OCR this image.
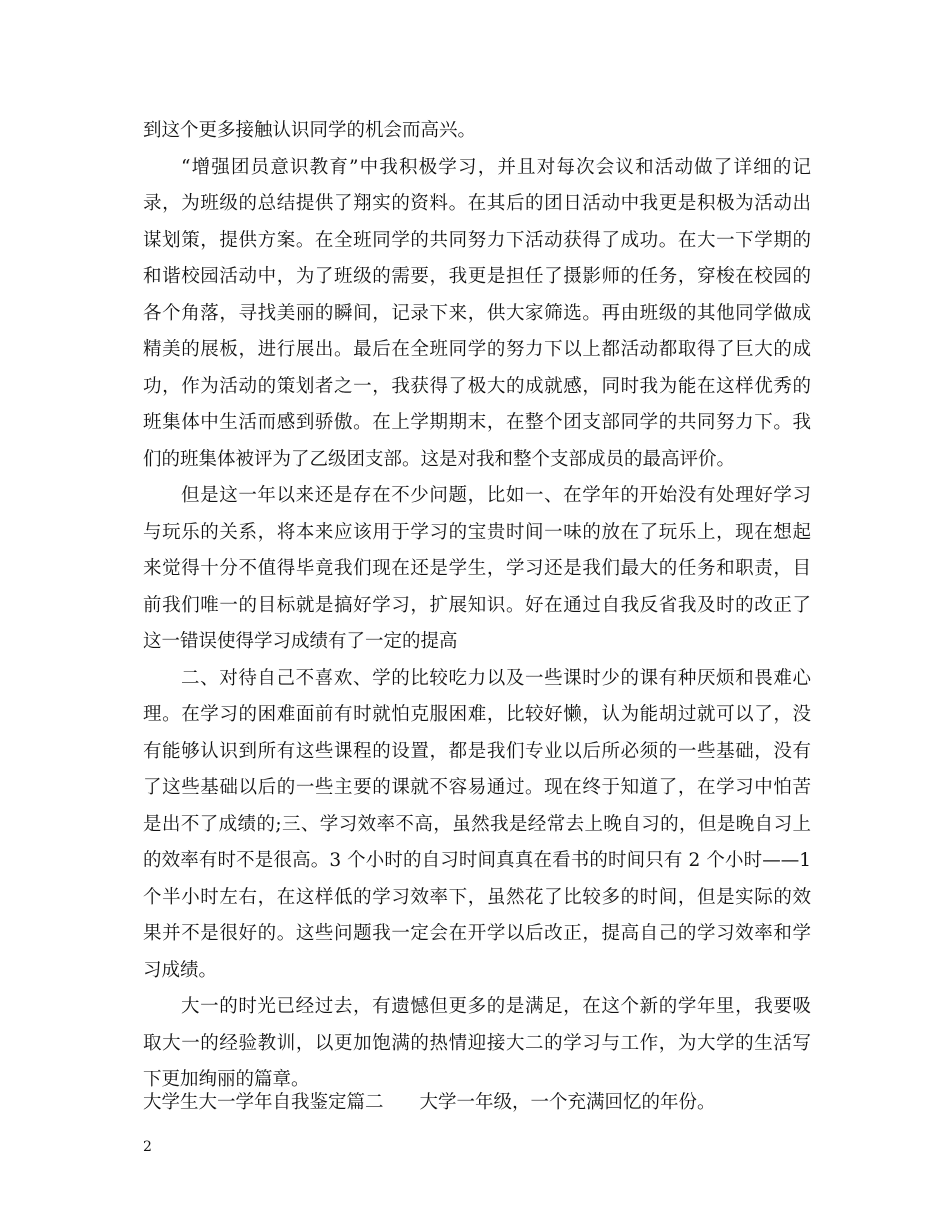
到这个更多接触认识同学的机会而高兴。
“增强团员意识教育”中我积极学习，并且对每次会议和活动做了详细的记
录，为班级的总结提供了翔实的资料。在其后的团日活动中我更是积极为活动出
谋划策，提供方案。在全班同学的共同努力下活动获得了成功。在大一下学期的
和谐校园活动中，为了班级的需要，我更是担任了摄影师的任务，穿梭在校园的
各个角落，寻找美丽的瞬间，记录下来，供大家筛选。再由班级的其他同学做成
精美的展板，进行展出。最后在全班同学的努力下以上都活动都取得了巨大的成
功，作为活动的策划者之一，我获得了极大的成就感，同时我为能在这样优秀的
班集体中生活而感到骄傲。在上学期期末，在整个团支部同学的共同努力下。我
们的班集体被评为了乙级团支部。这是对我和整个支部成员的最高评价。
但是这一年以来还是存在不少问题，比如一、在学年的开始没有处理好学习
与玩乐的关系，将本来应该用于学习的宝贵时间一味的放在了玩乐上，现在想起
来觉得十分不值得毕竟我们现在还是学生，学习还是我们最大的任务和职责，目
前我们唯一的目标就是搞好学习，扩展知识。好在通过自我反省我及时的改正了
这一错误使得学习成绩有了一定的提高
二、对待自己不喜欢、学的比较吃力以及一些课时少的课有种厌烦和畏难心
理。在学习的困难面前有时就怕克服困难，比较好懒，认为能胡过就可以了，没
有能够认识到所有这些课程的设置，都是我们专业以后所必须的一些基础，没有
了这些基础以后的一些主要的课就不容易通过。现在终于知道了，在学习中怕苦
是出不了成绩的;三、学习效率不高，虽然我是经常去上晚自习的，但是晚自习上
的效率有时不是很高。3 个小时的自习时间真真在看书的时间只有 2 个小时——1
个半小时左右，在这样低的学习效率下，虽然花了比较多的时间，但是实际的效
果并不是很好的。这些问题我一定会在开学以后改正，提高自己的学习效率和学
习成绩。
大一的时光已经过去，有遗憾但更多的是满足，在这个新的学年里，我要吸
取大一的经验教训，以更加饱满的热情迎接大二的学习与工作，为大学的生活写
下更加绚丽的篇章。
大学生大一学年自我鉴定篇二 大学一年级，一个充满回忆的年份。
2
